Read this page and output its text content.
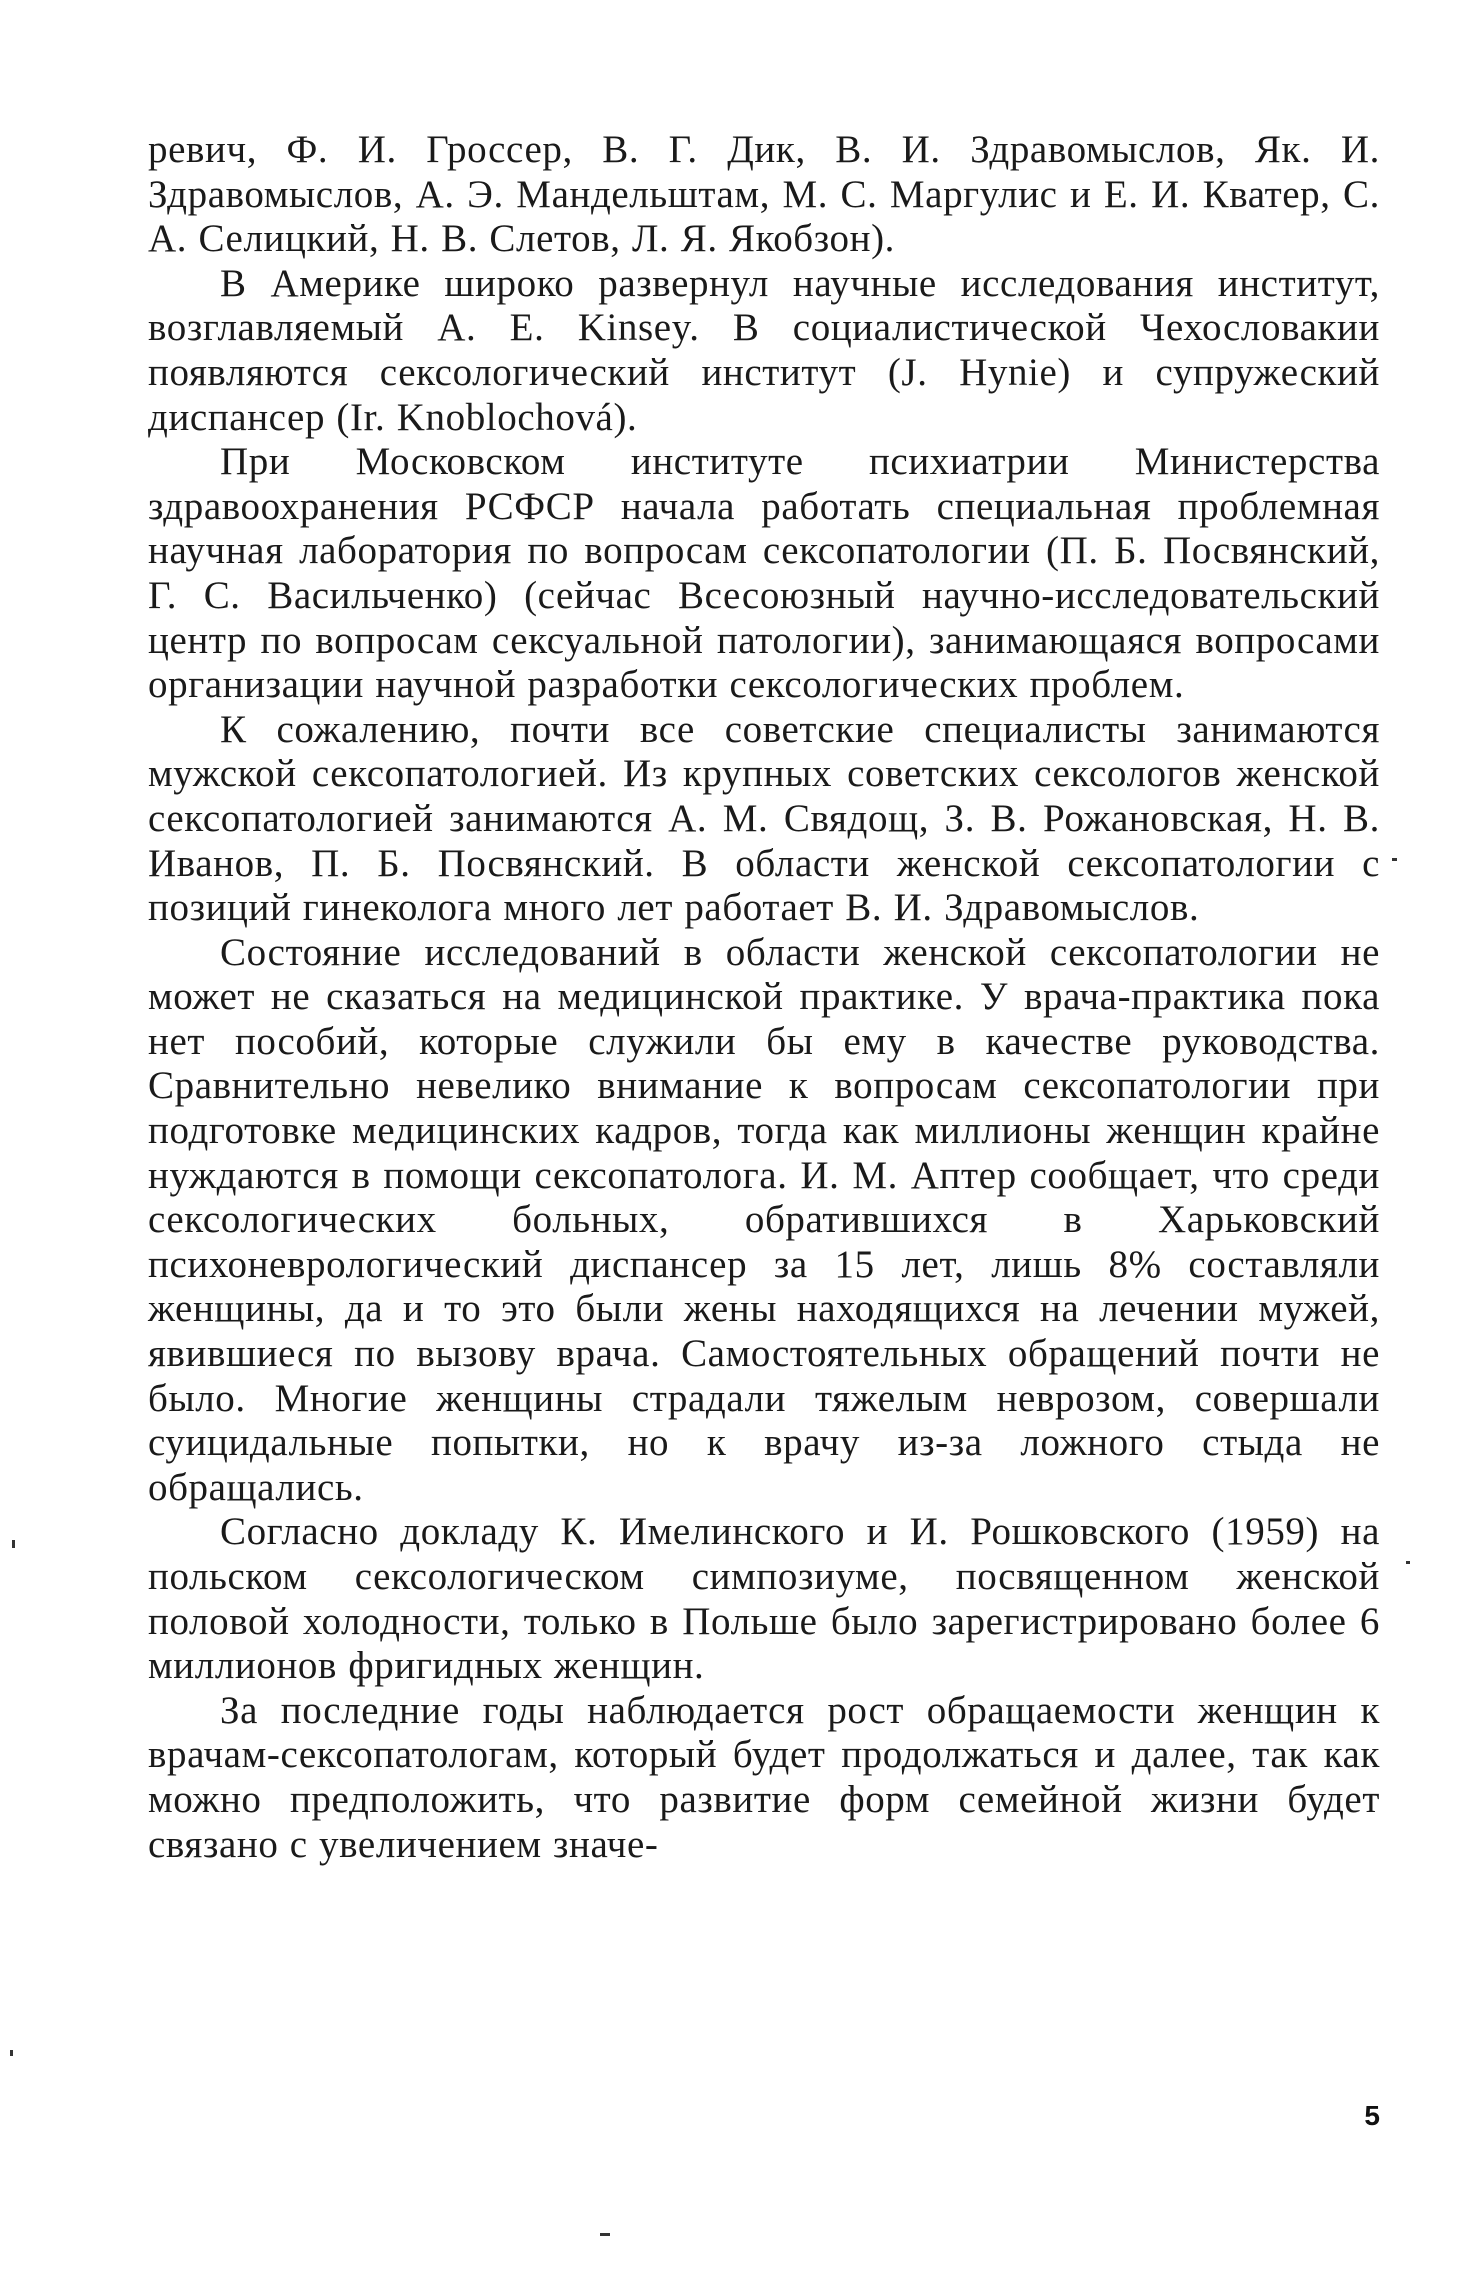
ревич, Ф. И. Гроссер, В. Г. Дик, В. И. Здравомыслов, Як. И. Здравомыслов, А. Э. Мандельштам, М. С. Маргулис и Е. И. Кватер, С. А. Селицкий, Н. В. Слетов, Л. Я. Якобзон).

В Америке широко развернул научные исследования институт, возглавляемый А. Е. Kinsey. В социалистической Чехословакии появляются сексологический институт (J. Hynie) и супружеский диспансер (Ir. Knoblochová).

При Московском институте психиатрии Министерства здравоохранения РСФСР начала работать специальная проблемная научная лаборатория по вопросам сексопатологии (П. Б. Посвянский, Г. С. Васильченко) (сейчас Всесоюзный научно-исследовательский центр по вопросам сексуальной патологии), занимающаяся вопросами организации научной разработки сексологических проблем.

К сожалению, почти все советские специалисты занимаются мужской сексопатологией. Из крупных советских сексологов женской сексопатологией занимаются А. М. Свядощ, З. В. Рожановская, Н. В. Иванов, П. Б. Посвянский. В области женской сексопатологии с позиций гинеколога много лет работает В. И. Здравомыслов.

Состояние исследований в области женской сексопатологии не может не сказаться на медицинской практике. У врача-практика пока нет пособий, которые служили бы ему в качестве руководства. Сравнительно невелико внимание к вопросам сексопатологии при подготовке медицинских кадров, тогда как миллионы женщин крайне нуждаются в помощи сексопатолога. И. М. Аптер сообщает, что среди сексологических больных, обратившихся в Харьковский психоневрологический диспансер за 15 лет, лишь 8% составляли женщины, да и то это были жены находящихся на лечении мужей, явившиеся по вызову врача. Самостоятельных обращений почти не было. Многие женщины страдали тяжелым неврозом, совершали суицидальные попытки, но к врачу из-за ложного стыда не обращались.

Согласно докладу К. Имелинского и И. Рошковского (1959) на польском сексологическом симпозиуме, посвященном женской половой холодности, только в Польше было зарегистрировано более 6 миллионов фригидных женщин.

За последние годы наблюдается рост обращаемости женщин к врачам-сексопатологам, который будет продолжаться и далее, так как можно предположить, что развитие форм семейной жизни будет связано с увеличением значе-

5
